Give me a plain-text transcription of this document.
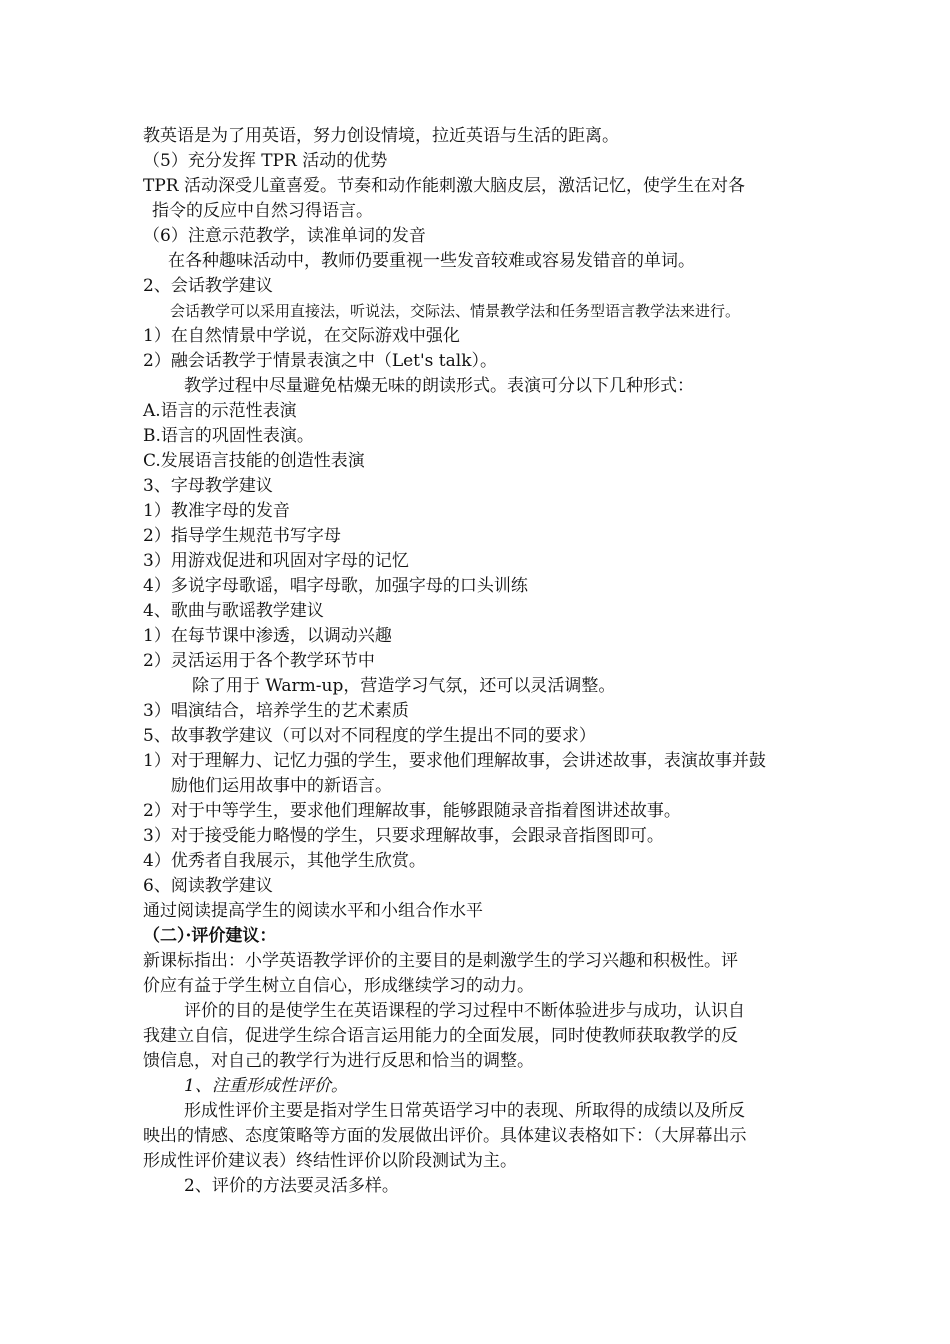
教英语是为了用英语，努力创设情境，拉近英语与生活的距离。
（5）充分发挥 TPR 活动的优势
TPR 活动深受儿童喜爱。节奏和动作能刺激大脑皮层，激活记忆，使学生在对各
指令的反应中自然习得语言。
（6）注意示范教学，读准单词的发音
在各种趣味活动中，教师仍要重视一些发音较难或容易发错音的单词。
2、会话教学建议
会话教学可以采用直接法，听说法，交际法、情景教学法和任务型语言教学法来进行。
1）在自然情景中学说，在交际游戏中强化
2）融会话教学于情景表演之中（Let's talk）。
教学过程中尽量避免枯燥无味的朗读形式。表演可分以下几种形式：
A.语言的示范性表演
B.语言的巩固性表演。
C.发展语言技能的创造性表演
3、字母教学建议
1）教准字母的发音
2）指导学生规范书写字母
3）用游戏促进和巩固对字母的记忆
4）多说字母歌谣，唱字母歌，加强字母的口头训练
4、歌曲与歌谣教学建议
1）在每节课中渗透，以调动兴趣
2）灵活运用于各个教学环节中
除了用于 Warm-up，营造学习气氛，还可以灵活调整。
3）唱演结合，培养学生的艺术素质
5、故事教学建议（可以对不同程度的学生提出不同的要求）
1）对于理解力、记忆力强的学生，要求他们理解故事，会讲述故事，表演故事并鼓
励他们运用故事中的新语言。
2）对于中等学生，要求他们理解故事，能够跟随录音指着图讲述故事。
3）对于接受能力略慢的学生，只要求理解故事，会跟录音指图即可。
4）优秀者自我展示，其他学生欣赏。
6、阅读教学建议
通过阅读提高学生的阅读水平和小组合作水平
（二）·评价建议：
新课标指出：小学英语教学评价的主要目的是刺激学生的学习兴趣和积极性。评
价应有益于学生树立自信心，形成继续学习的动力。
评价的目的是使学生在英语课程的学习过程中不断体验进步与成功，认识自
我建立自信，促进学生综合语言运用能力的全面发展，同时使教师获取教学的反
馈信息，对自己的教学行为进行反思和恰当的调整。
1、注重形成性评价。
形成性评价主要是指对学生日常英语学习中的表现、所取得的成绩以及所反
映出的情感、态度策略等方面的发展做出评价。具体建议表格如下：（大屏幕出示
形成性评价建议表）终结性评价以阶段测试为主。
2、评价的方法要灵活多样。
